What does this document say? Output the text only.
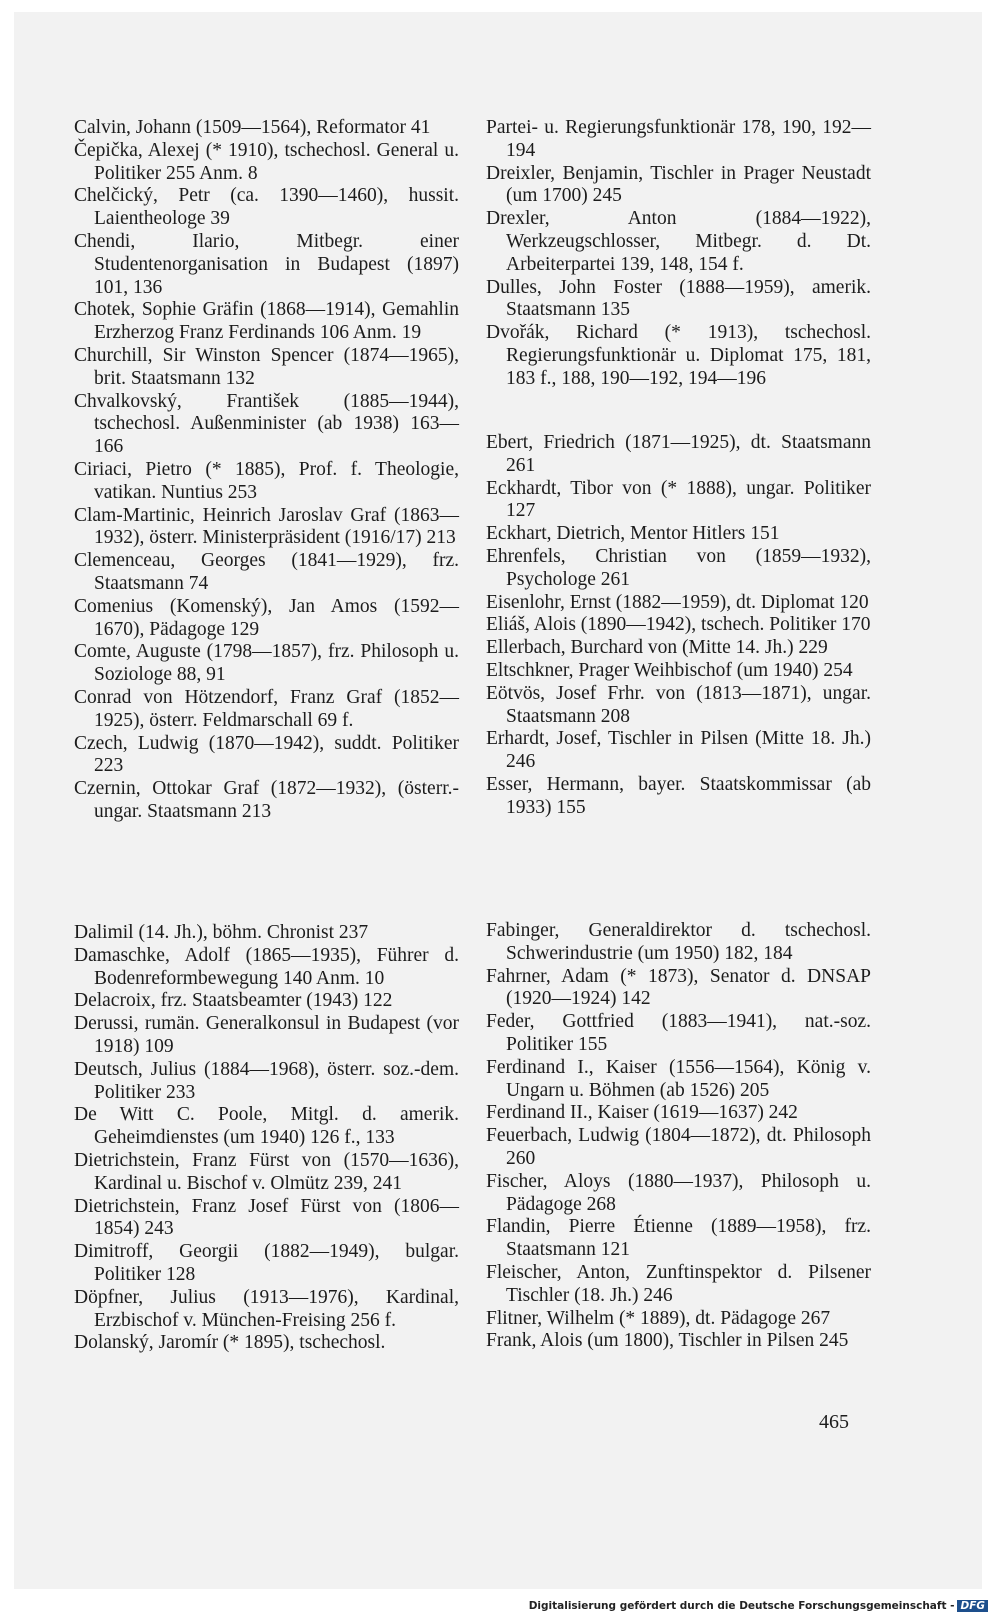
Calvin, Johann (1509—1564), Reformator 41

Čepička, Alexej (* 1910), tschechosl. General u. Politiker 255 Anm. 8

Chelčický, Petr (ca. 1390—1460), hussit. Laientheologe 39

Chendi, Ilario, Mitbegr. einer Studentenorganisation in Budapest (1897) 101, 136

Chotek, Sophie Gräfin (1868—1914), Gemahlin Erzherzog Franz Ferdinands 106 Anm. 19

Churchill, Sir Winston Spencer (1874—1965), brit. Staatsmann 132

Chvalkovský, František (1885—1944), tschechosl. Außenminister (ab 1938) 163—166

Ciriaci, Pietro (* 1885), Prof. f. Theologie, vatikan. Nuntius 253

Clam-Martinic, Heinrich Jaroslav Graf (1863—1932), österr. Ministerpräsident (1916/17) 213

Clemenceau, Georges (1841—1929), frz. Staatsmann 74

Comenius (Komenský), Jan Amos (1592—1670), Pädagoge 129

Comte, Auguste (1798—1857), frz. Philosoph u. Soziologe 88, 91

Conrad von Hötzendorf, Franz Graf (1852—1925), österr. Feldmarschall 69 f.

Czech, Ludwig (1870—1942), suddt. Politiker 223

Czernin, Ottokar Graf (1872—1932), (österr.-ungar. Staatsmann 213

Dalimil (14. Jh.), böhm. Chronist 237

Damaschke, Adolf (1865—1935), Führer d. Bodenreformbewegung 140 Anm. 10

Delacroix, frz. Staatsbeamter (1943) 122

Derussi, rumän. Generalkonsul in Budapest (vor 1918) 109

Deutsch, Julius (1884—1968), österr. soz.-dem. Politiker 233

De Witt C. Poole, Mitgl. d. amerik. Geheimdienstes (um 1940) 126 f., 133

Dietrichstein, Franz Fürst von (1570—1636), Kardinal u. Bischof v. Olmütz 239, 241

Dietrichstein, Franz Josef Fürst von (1806—1854) 243

Dimitroff, Georgii (1882—1949), bulgar. Politiker 128

Döpfner, Julius (1913—1976), Kardinal, Erzbischof v. München-Freising 256 f.

Dolanský, Jaromír (* 1895), tschechosl.

Partei- u. Regierungsfunktionär 178, 190, 192—194

Dreixler, Benjamin, Tischler in Prager Neustadt (um 1700) 245

Drexler, Anton (1884—1922), Werkzeugschlosser, Mitbegr. d. Dt. Arbeiterpartei 139, 148, 154 f.

Dulles, John Foster (1888—1959), amerik. Staatsmann 135

Dvořák, Richard (* 1913), tschechosl. Regierungsfunktionär u. Diplomat 175, 181, 183 f., 188, 190—192, 194—196

Ebert, Friedrich (1871—1925), dt. Staatsmann 261

Eckhardt, Tibor von (* 1888), ungar. Politiker 127

Eckhart, Dietrich, Mentor Hitlers 151

Ehrenfels, Christian von (1859—1932), Psychologe 261

Eisenlohr, Ernst (1882—1959), dt. Diplomat 120

Eliáš, Alois (1890—1942), tschech. Politiker 170

Ellerbach, Burchard von (Mitte 14. Jh.) 229

Eltschkner, Prager Weihbischof (um 1940) 254

Eötvös, Josef Frhr. von (1813—1871), ungar. Staatsmann 208

Erhardt, Josef, Tischler in Pilsen (Mitte 18. Jh.) 246

Esser, Hermann, bayer. Staatskommissar (ab 1933) 155

Fabinger, Generaldirektor d. tschechosl. Schwerindustrie (um 1950) 182, 184

Fahrner, Adam (* 1873), Senator d. DNSAP (1920—1924) 142

Feder, Gottfried (1883—1941), nat.-soz. Politiker 155

Ferdinand I., Kaiser (1556—1564), König v. Ungarn u. Böhmen (ab 1526) 205

Ferdinand II., Kaiser (1619—1637) 242

Feuerbach, Ludwig (1804—1872), dt. Philosoph 260

Fischer, Aloys (1880—1937), Philosoph u. Pädagoge 268

Flandin, Pierre Étienne (1889—1958), frz. Staatsmann 121

Fleischer, Anton, Zunftinspektor d. Pilsener Tischler (18. Jh.) 246

Flitner, Wilhelm (* 1889), dt. Pädagoge 267

Frank, Alois (um 1800), Tischler in Pilsen 245

465
Digitalisierung gefördert durch die Deutsche Forschungsgemeinschaft - DFG
